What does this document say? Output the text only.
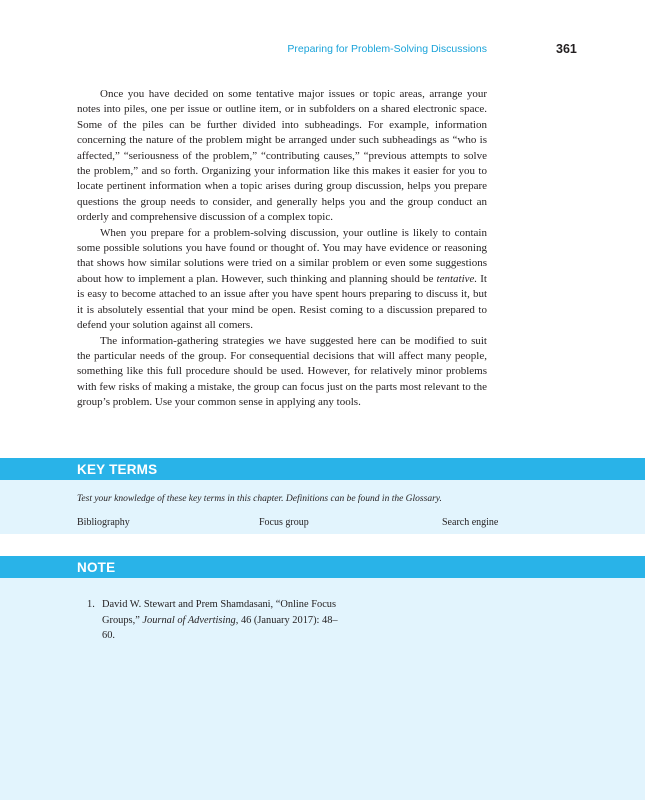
Preparing for Problem-Solving Discussions	361

Once you have decided on some tentative major issues or topic areas, arrange your notes into piles, one per issue or outline item, or in subfolders on a shared electronic space. Some of the piles can be further divided into subheadings. For example, information concerning the nature of the problem might be arranged under such subheadings as “who is affected,” “seriousness of the problem,” “contributing causes,” “previous attempts to solve the problem,” and so forth. Organizing your information like this makes it easier for you to locate pertinent information when a topic arises during group discussion, helps you prepare questions the group needs to consider, and generally helps you and the group conduct an orderly and comprehensive discussion of a complex topic.

When you prepare for a problem-solving discussion, your outline is likely to contain some possible solutions you have found or thought of. You may have evidence or reasoning that shows how similar solutions were tried on a similar problem or even some suggestions about how to implement a plan. However, such thinking and planning should be tentative. It is easy to become attached to an issue after you have spent hours preparing to discuss it, but it is absolutely essential that your mind be open. Resist coming to a discussion prepared to defend your solution against all comers.

The information-gathering strategies we have suggested here can be modified to suit the particular needs of the group. For consequential decisions that will affect many people, something like this full procedure should be used. However, for relatively minor problems with few risks of making a mistake, the group can focus just on the parts most relevant to the group’s problem. Use your common sense in applying any tools.

KEY TERMS
Test your knowledge of these key terms in this chapter. Definitions can be found in the Glossary.
Bibliography	Focus group	Search engine
NOTE
1. David W. Stewart and Prem Shamdasani, “Online Focus Groups,” Journal of Advertising, 46 (January 2017): 48–60.
